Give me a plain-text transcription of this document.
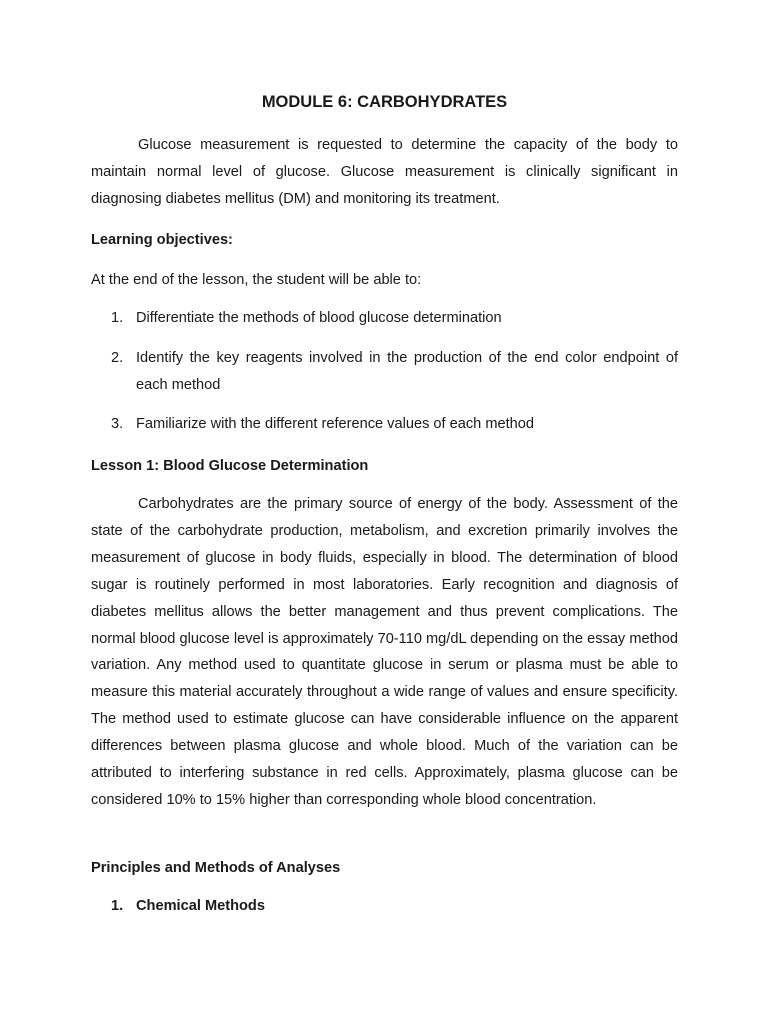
MODULE 6: CARBOHYDRATES

Glucose measurement is requested to determine the capacity of the body to maintain normal level of glucose. Glucose measurement is clinically significant in diagnosing diabetes mellitus (DM) and monitoring its treatment.

Learning objectives:

At the end of the lesson, the student will be able to:

1. Differentiate the methods of blood glucose determination
2. Identify the key reagents involved in the production of the end color endpoint of each method
3. Familiarize with the different reference values of each method

Lesson 1: Blood Glucose Determination

Carbohydrates are the primary source of energy of the body. Assessment of the state of the carbohydrate production, metabolism, and excretion primarily involves the measurement of glucose in body fluids, especially in blood. The determination of blood sugar is routinely performed in most laboratories. Early recognition and diagnosis of diabetes mellitus allows the better management and thus prevent complications. The normal blood glucose level is approximately 70-110 mg/dL depending on the essay method variation. Any method used to quantitate glucose in serum or plasma must be able to measure this material accurately throughout a wide range of values and ensure specificity. The method used to estimate glucose can have considerable influence on the apparent differences between plasma glucose and whole blood. Much of the variation can be attributed to interfering substance in red cells. Approximately, plasma glucose can be considered 10% to 15% higher than corresponding whole blood concentration.

Principles and Methods of Analyses

1. Chemical Methods
